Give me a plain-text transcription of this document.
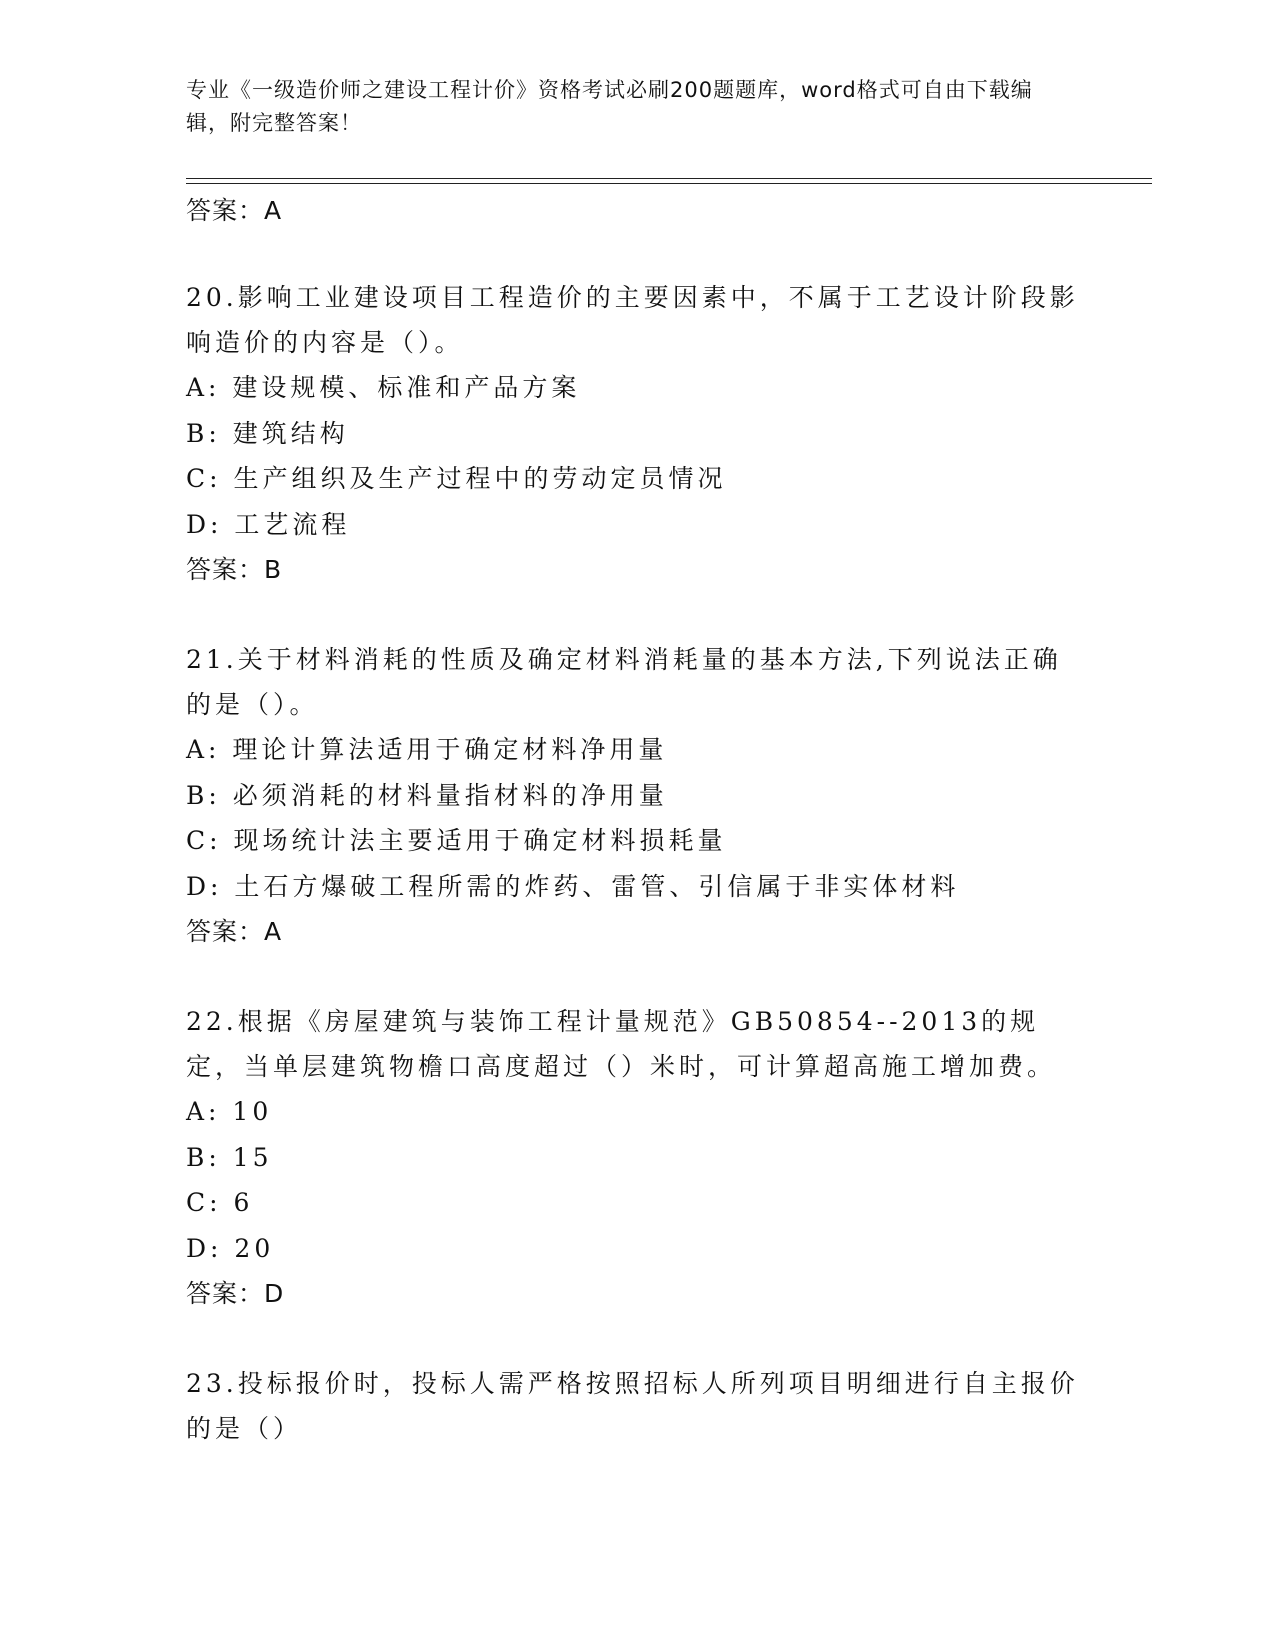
专业《一级造价师之建设工程计价》资格考试必刷200题题库，word格式可自由下载编辑，附完整答案！
答案：A
20.影响工业建设项目工程造价的主要因素中，不属于工艺设计阶段影响造价的内容是（）。
A: 建设规模、标准和产品方案
B: 建筑结构
C: 生产组织及生产过程中的劳动定员情况
D: 工艺流程
答案：B
21.关于材料消耗的性质及确定材料消耗量的基本方法,下列说法正确的是（）。
A: 理论计算法适用于确定材料净用量
B: 必须消耗的材料量指材料的净用量
C: 现场统计法主要适用于确定材料损耗量
D: 土石方爆破工程所需的炸药、雷管、引信属于非实体材料
答案：A
22.根据《房屋建筑与装饰工程计量规范》GB50854--2013的规定，当单层建筑物檐口高度超过（）米时，可计算超高施工增加费。
A: 10
B: 15
C: 6
D: 20
答案：D
23.投标报价时，投标人需严格按照招标人所列项目明细进行自主报价的是（）
